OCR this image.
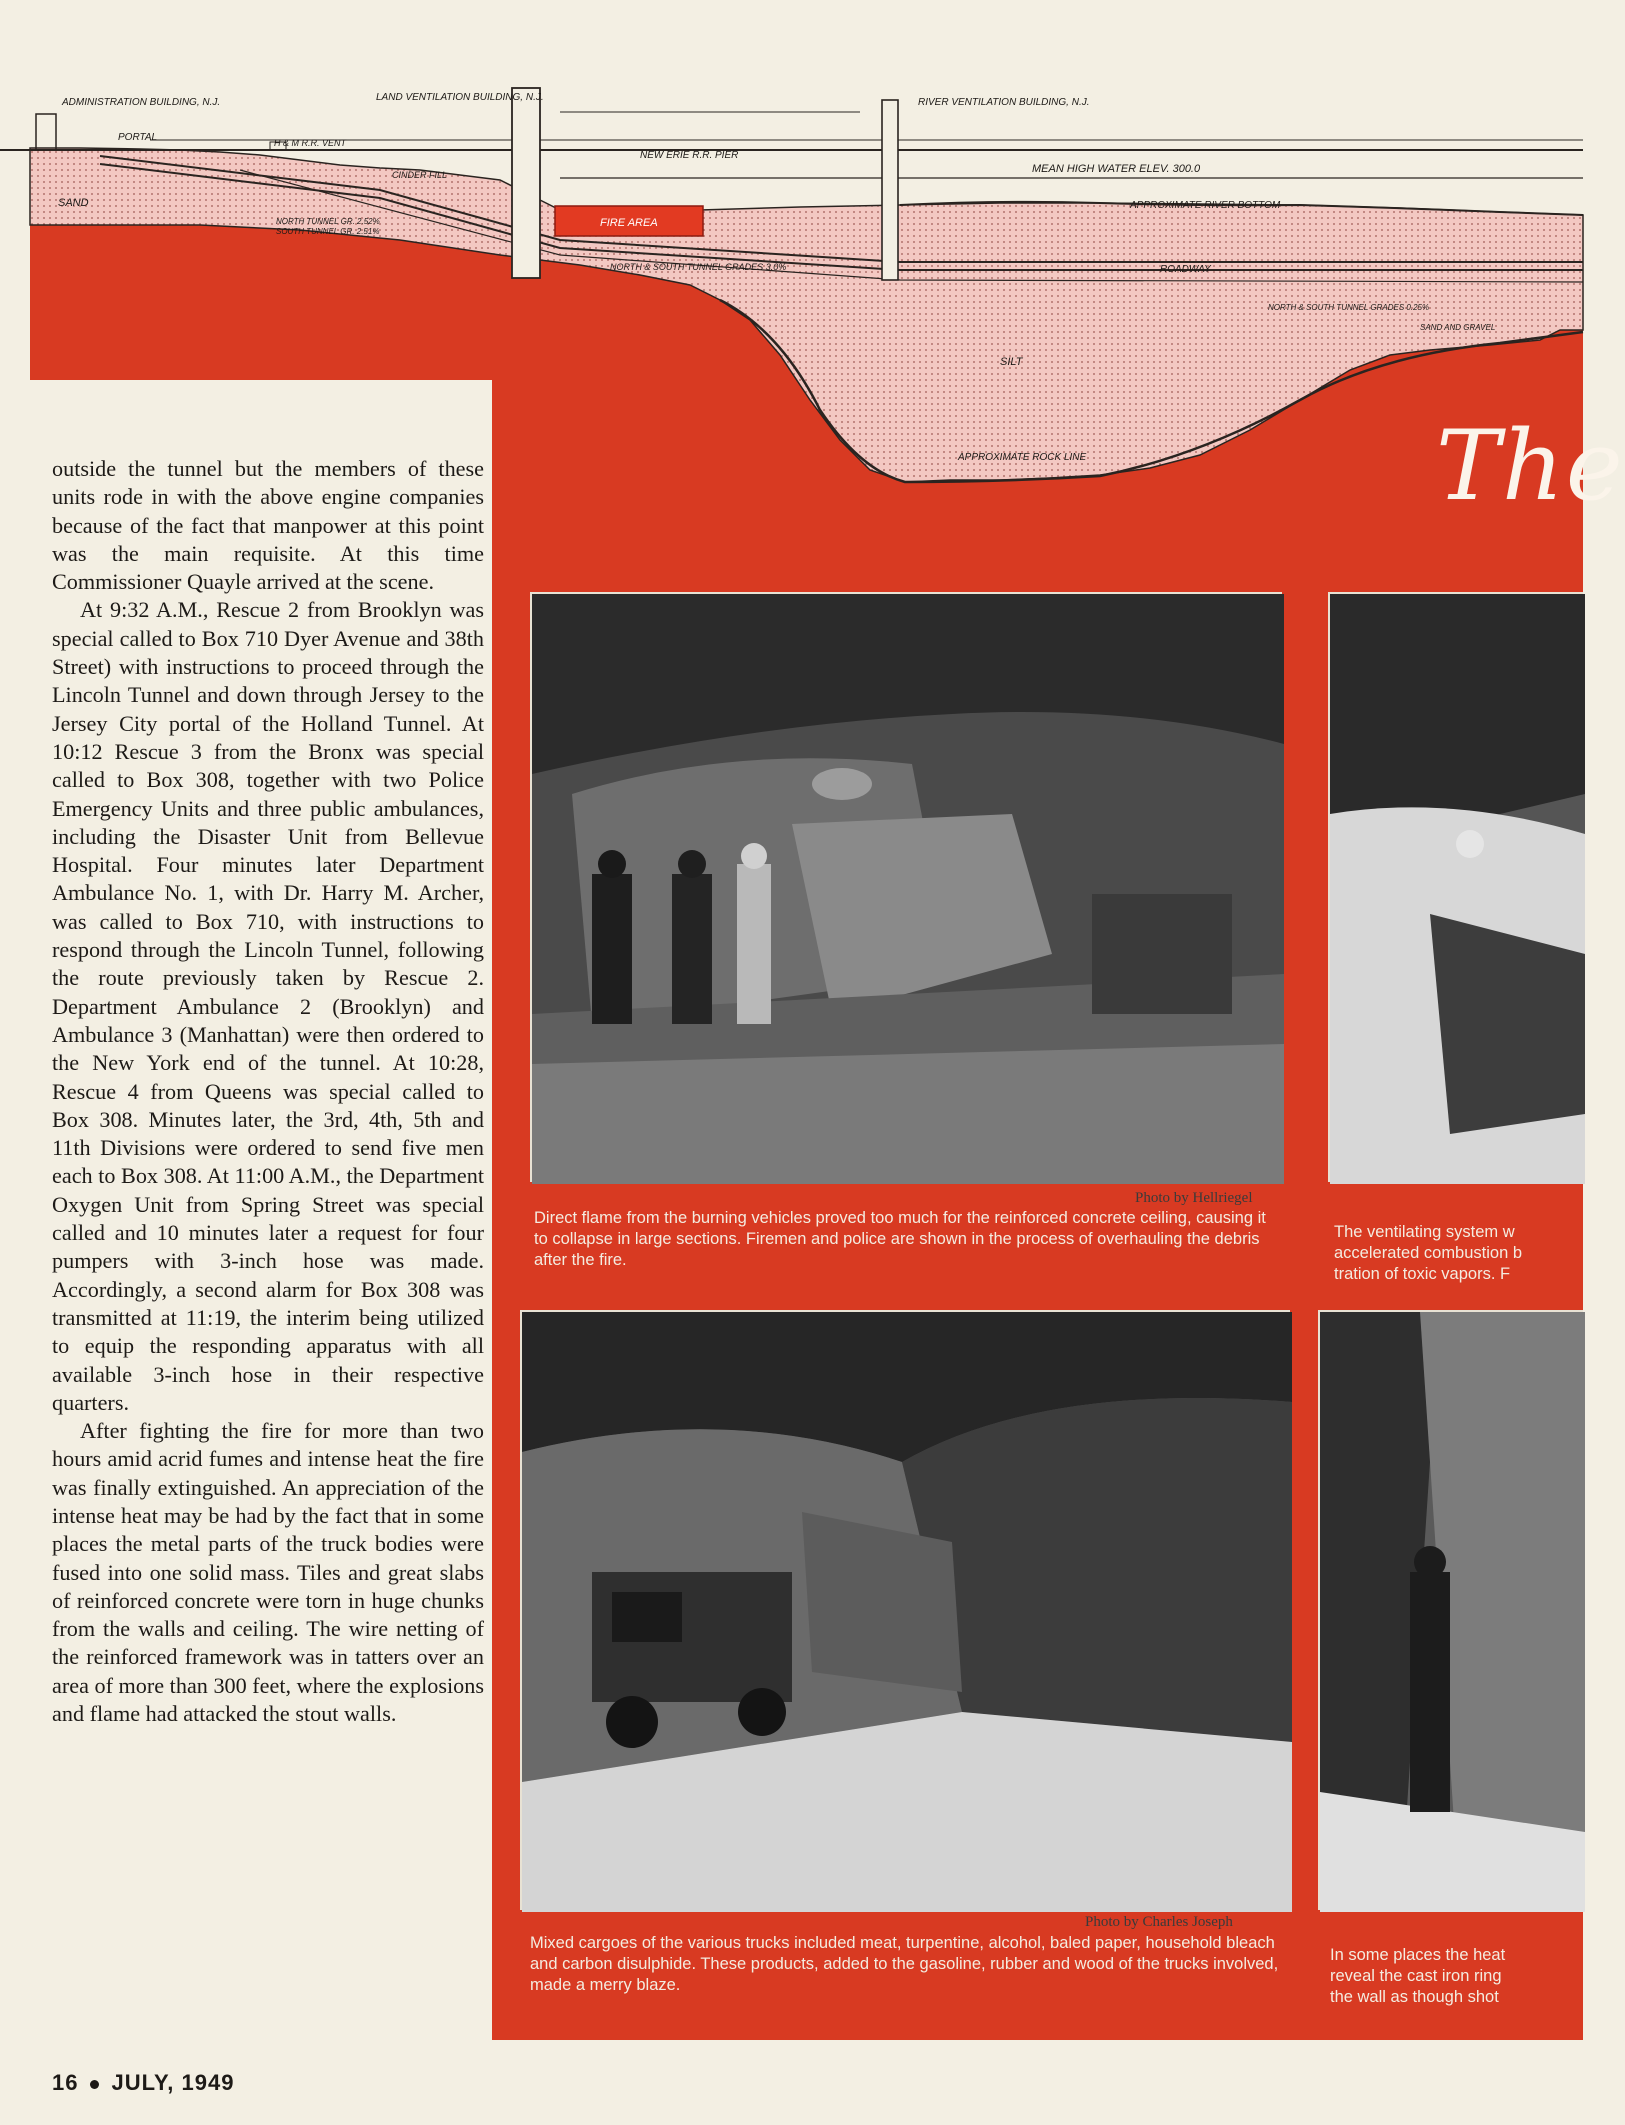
ADMINISTRATION BUILDING, N.J.	LAND VENTILATION BUILDING, N.J.	RIVER VENTILATION BUILDING, N.J.
PORTAL	H & M R.R. VENT
NEW ERIE R.R. PIER
MEAN HIGH WATER ELEV. 300.0
CINDER FILL
SAND
NORTH TUNNEL GR. 2.52%
SOUTH TUNNEL GR. 2.51%
FIRE AREA
APPROXIMATE RIVER BOTTOM
ROADWAY
NORTH & SOUTH TUNNEL GRADES 3.0%
NORTH & SOUTH TUNNEL GRADES 0.25%
SAND AND GRAVEL
SILT
APPROXIMATE ROCK LINE	The

outside the tunnel but the members of these units rode in with the above engine companies because of the fact that manpower at this point was the main requisite. At this time Commissioner Quayle arrived at the scene.

At 9:32 A.M., Rescue 2 from Brooklyn was special called to Box 710 Dyer Avenue and 38th Street) with instructions to proceed through the Lincoln Tunnel and down through Jersey to the Jersey City portal of the Holland Tunnel. At 10:12 Rescue 3 from the Bronx was special called to Box 308, together with two Police Emergency Units and three public ambulances, including the Disaster Unit from Bellevue Hospital. Four minutes later Department Ambulance No. 1, with Dr. Harry M. Archer, was called to Box 710, with instructions to respond through the Lincoln Tunnel, following the route previously taken by Rescue 2. Department Ambulance 2 (Brooklyn) and Ambulance 3 (Manhattan) were then ordered to the New York end of the tunnel. At 10:28, Rescue 4 from Queens was special called to Box 308. Minutes later, the 3rd, 4th, 5th and 11th Divisions were ordered to send five men each to Box 308. At 11:00 A.M., the Department Oxygen Unit from Spring Street was special called and 10 minutes later a request for four pumpers with 3-inch hose was made. Accordingly, a second alarm for Box 308 was transmitted at 11:19, the interim being utilized to equip the responding apparatus with all available 3-inch hose in their respective quarters.

After fighting the fire for more than two hours amid acrid fumes and intense heat the fire was finally extinguished. An appreciation of the intense heat may be had by the fact that in some places the metal parts of the truck bodies were fused into one solid mass. Tiles and great slabs of reinforced concrete were torn in huge chunks from the walls and ceiling. The wire netting of the reinforced framework was in tatters over an area of more than 300 feet, where the explosions and flame had attacked the stout walls.

Photo by Hellriegel

Direct flame from the burning vehicles proved too much for the reinforced concrete ceiling, causing it to collapse in large sections. Firemen and police are shown in the process of overhauling the debris after the fire.

The ventilating system w
accelerated combustion b
tration of toxic vapors. F
Photo by Charles Joseph

Mixed cargoes of the various trucks included meat, turpentine, alcohol, baled paper, household bleach and carbon disulphide. These products, added to the gasoline, rubber and wood of the trucks involved, made a merry blaze.

In some places the heat
reveal the cast iron ring
the wall as though shot
16 JULY, 1949
